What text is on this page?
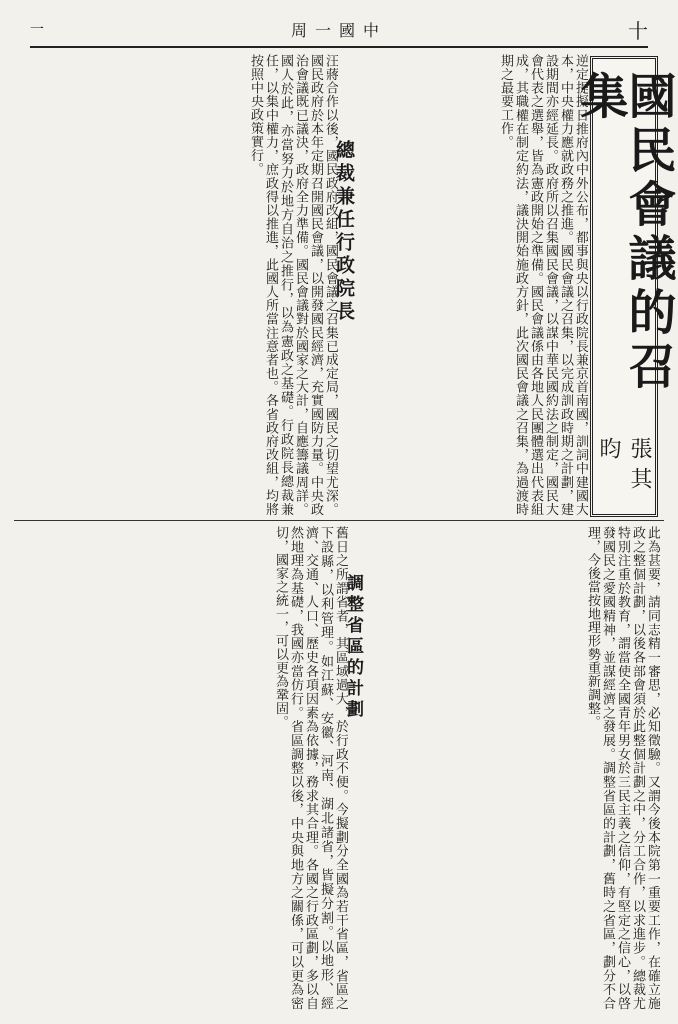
一	周一國中	十
國民會議的召集
張其昀
逆定提擬日推府內中外公布，都事與央以行政院長兼京首南國，訓詞中建國大本，中央權力應就政務之推進。國民會議之召集，以完成訓政時期之計劃，建設期間亦經延長。政府所以召集國民會議，以謀中華民國約法之制定，國民大會代表之選舉，皆為憲政開始之準備。國民會議係由各地人民團體選出代表組成，其職權在制定約法，議決開始施政方針，此次國民會議之召集，為過渡時期之最要工作。
總裁兼任行政院長
汪蔣合作以後，國民政府改組，國民會議之召集已成定局，國民之切望尤深。國民政府於本年定期召開國民會議，以開發國民經濟，充實國防力量。中央政治會議既已議決，政府全力準備。國民會議對於國家之大計，自應籌議周詳。國人於此，亦當努力於地方自治之推行，以為憲政之基礎。行政院長總裁兼任，以集中權力，庶政得以推進，此國人所當注意者也。各省政府改組，均將按照中央政策實行。
此為甚要，請同志精一審思，必知徵驗。又謂今後本院第一重要工作，在確立施政之整個計劃，以後各部會須於此整個計劃之中，分工合作，以求進步。總裁尤特別注重於教育，謂當使全國青年男女於三民主義之信仰，有堅定之信心，以啓發國民之愛國精神，並謀經濟之發展。調整省區的計劃，舊時之省區，劃分不合理，今後當按地理形勢重新調整。
調整省區的計劃
舊日之所謂省者，其區域過大，於行政不便。今擬劃分全國為若干省區，省區之下設縣，以利管理。如江蘇、安徽、河南、湖北諸省，皆擬分割。以地形、經濟、交通、人口、歷史各項因素為依據，務求其合理。各國之行政區劃，多以自然地理為基礎，我國亦當仿行。省區調整以後，中央與地方之關係，可以更為密切，國家之統一，可以更為鞏固。
